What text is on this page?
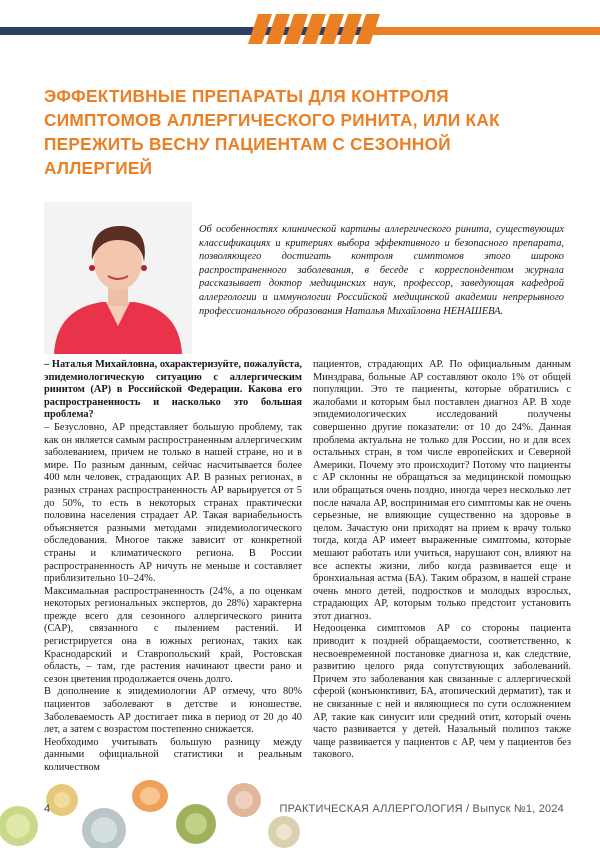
ЭФФЕКТИВНЫЕ ПРЕПАРАТЫ ДЛЯ КОНТРОЛЯ СИМПТОМОВ АЛЛЕРГИЧЕСКОГО РИНИТА, ИЛИ КАК ПЕРЕЖИТЬ ВЕСНУ ПАЦИЕНТАМ С СЕЗОННОЙ АЛЛЕРГИЕЙ

Об особенностях клинической картины аллергического ринита, существующих классификациях и критериях выбора эффективного и безопасного препарата, позволяющего достигать контроля симптомов этого широко распространенного заболевания, в беседе с корреспондентом журнала рассказывает доктор медицинских наук, профессор, заведующая кафедрой аллергологии и иммунологии Российской медицинской академии непрерывного профессионального образования Наталья Михайловна НЕНАШЕВА.

– Наталья Михайловна, охарактеризуйте, пожалуйста, эпидемиологическую ситуацию с аллергическим ринитом (АР) в Российской Федерации. Какова его распространенность и насколько это большая проблема?

– Безусловно, АР представляет большую проблему, так как он является самым распространенным аллергическим заболеванием, причем не только в нашей стране, но и в мире. По разным данным, сейчас насчитывается более 400 млн человек, страдающих АР. В разных регионах, в разных странах распространенность АР варьируется от 5 до 50%, то есть в некоторых странах практически половина населения страдает АР. Такая вариабельность объясняется разными методами эпидемиологического обследования. Многое также зависит от конкретной страны и климатического региона. В России распространенность АР ничуть не меньше и составляет приблизительно 10–24%.

Максимальная распространенность (24%, а по оценкам некоторых региональных экспертов, до 28%) характерна прежде всего для сезонного аллергического ринита (САР), связанного с пылением растений. И регистрируется она в южных регионах, таких как Краснодарский и Ставропольский край, Ростовская область, – там, где растения начинают цвести рано и сезон цветения продолжается очень долго.

В дополнение к эпидемиологии АР отмечу, что 80% пациентов заболевают в детстве и юношестве. Заболеваемость АР достигает пика в период от 20 до 40 лет, а затем с возрастом постепенно снижается.

Необходимо учитывать большую разницу между данными официальной статистики и реальным количеством

пациентов, страдающих АР. По официальным данным Минздрава, больные АР составляют около 1% от общей популяции. Это те пациенты, которые обратились с жалобами и которым был поставлен диагноз АР. В ходе эпидемиологических исследований получены совершенно другие показатели: от 10 до 24%. Данная проблема актуальна не только для России, но и для всех остальных стран, в том числе европейских и Северной Америки. Почему это происходит? Потому что пациенты с АР склонны не обращаться за медицинской помощью или обращаться очень поздно, иногда через несколько лет после начала АР, воспринимая его симптомы как не очень серьезные, не влияющие существенно на здоровье в целом. Зачастую они приходят на прием к врачу только тогда, когда АР имеет выраженные симптомы, которые мешают работать или учиться, нарушают сон, влияют на все аспекты жизни, либо когда развивается еще и бронхиальная астма (БА). Таким образом, в нашей стране очень много детей, подростков и молодых взрослых, страдающих АР, которым только предстоит установить этот диагноз.

Недооценка симптомов АР со стороны пациента приводит к поздней обращаемости, соответственно, к несвоевременной постановке диагноза и, как следствие, развитию целого ряда сопутствующих заболеваний. Причем это заболевания как связанные с аллергической сферой (конъюнктивит, БА, атопический дерматит), так и не связанные с ней и являющиеся по сути осложнением АР, такие как синусит или средний отит, который очень часто развивается у детей. Назальный полипоз также чаще развивается у пациентов с АР, чем у пациентов без такового.

4	ПРАКТИЧЕСКАЯ АЛЛЕРГОЛОГИЯ / Выпуск №1, 2024
